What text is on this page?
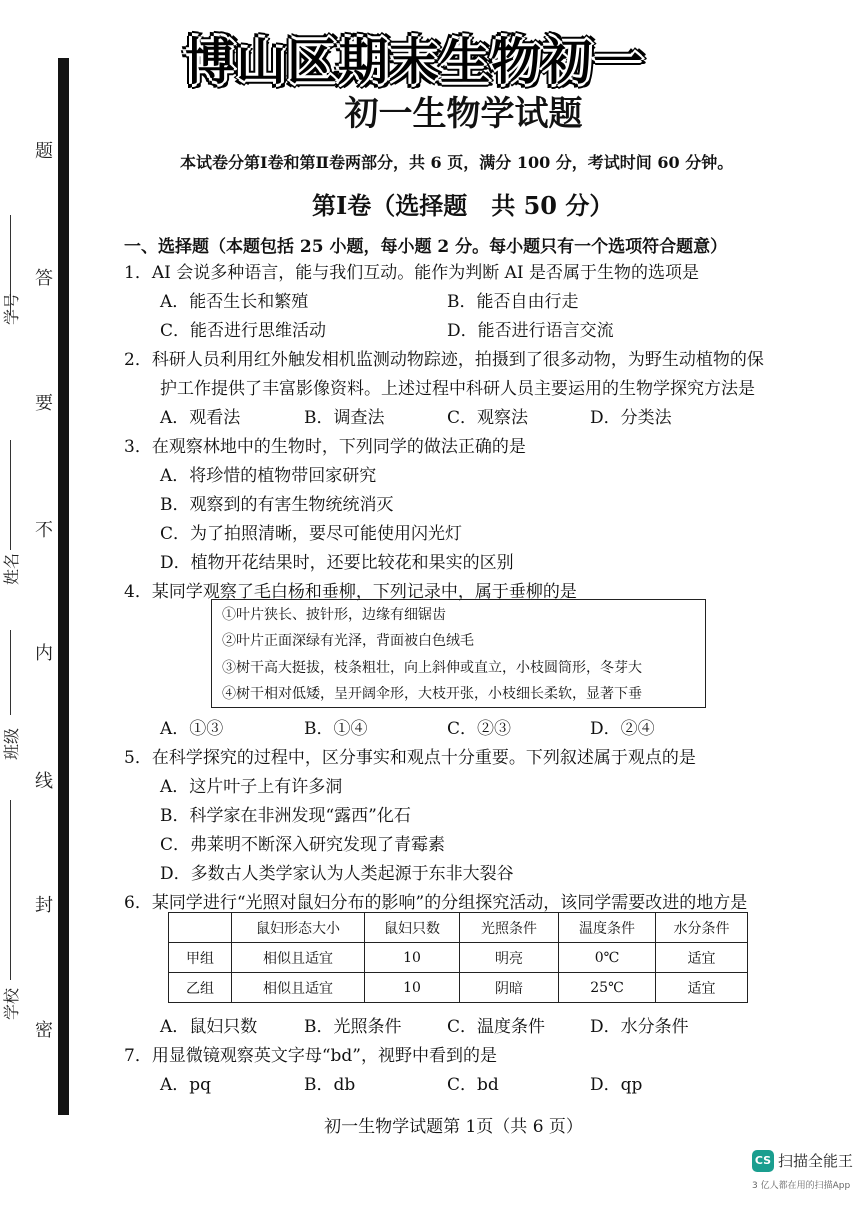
题
答
要
不
内
线
封
密
学号
姓名
班级
学校
博山区期末生物初一
初一生物学试题
本试卷分第Ⅰ卷和第Ⅱ卷两部分，共 6 页，满分 100 分，考试时间 60 分钟。
第Ⅰ卷（选择题　共 50 分）
一、选择题（本题包括 25 小题，每小题 2 分。每小题只有一个选项符合题意）
1．AI 会说多种语言，能与我们互动。能作为判断 AI 是否属于生物的选项是
A．能否生长和繁殖	B．能否自由行走
C．能否进行思维活动	D．能否进行语言交流
2．科研人员利用红外触发相机监测动物踪迹，拍摄到了很多动物，为野生动植物的保
护工作提供了丰富影像资料。上述过程中科研人员主要运用的生物学探究方法是
A．观看法	B．调查法	C．观察法	D．分类法
3．在观察林地中的生物时，下列同学的做法正确的是
A．将珍惜的植物带回家研究
B．观察到的有害生物统统消灭
C．为了拍照清晰，要尽可能使用闪光灯
D．植物开花结果时，还要比较花和果实的区别
4．某同学观察了毛白杨和垂柳，下列记录中，属于垂柳的是
①叶片狭长、披针形，边缘有细锯齿
②叶片正面深绿有光泽，背面被白色绒毛
③树干高大挺拔，枝条粗壮，向上斜伸或直立，小枝圆筒形，冬芽大
④树干相对低矮，呈开阔伞形，大枝开张，小枝细长柔软，显著下垂
A．①③	B．①④	C．②③	D．②④
5．在科学探究的过程中，区分事实和观点十分重要。下列叙述属于观点的是
A．这片叶子上有许多洞
B．科学家在非洲发现“露西”化石
C．弗莱明不断深入研究发现了青霉素
D．多数古人类学家认为人类起源于东非大裂谷
6．某同学进行“光照对鼠妇分布的影响”的分组探究活动，该同学需要改进的地方是
	鼠妇形态大小	鼠妇只数	光照条件	温度条件	水分条件
甲组	相似且适宜	10	明亮	0℃	适宜
乙组	相似且适宜	10	阴暗	25℃	适宜
A．鼠妇只数	B．光照条件	C．温度条件	D．水分条件
7．用显微镜观察英文字母“bd”，视野中看到的是
A．pq	B．db	C．bd	D．qp
初一生物学试题第 1页（共 6 页）
CS 扫描全能王
3 亿人都在用的扫描App
